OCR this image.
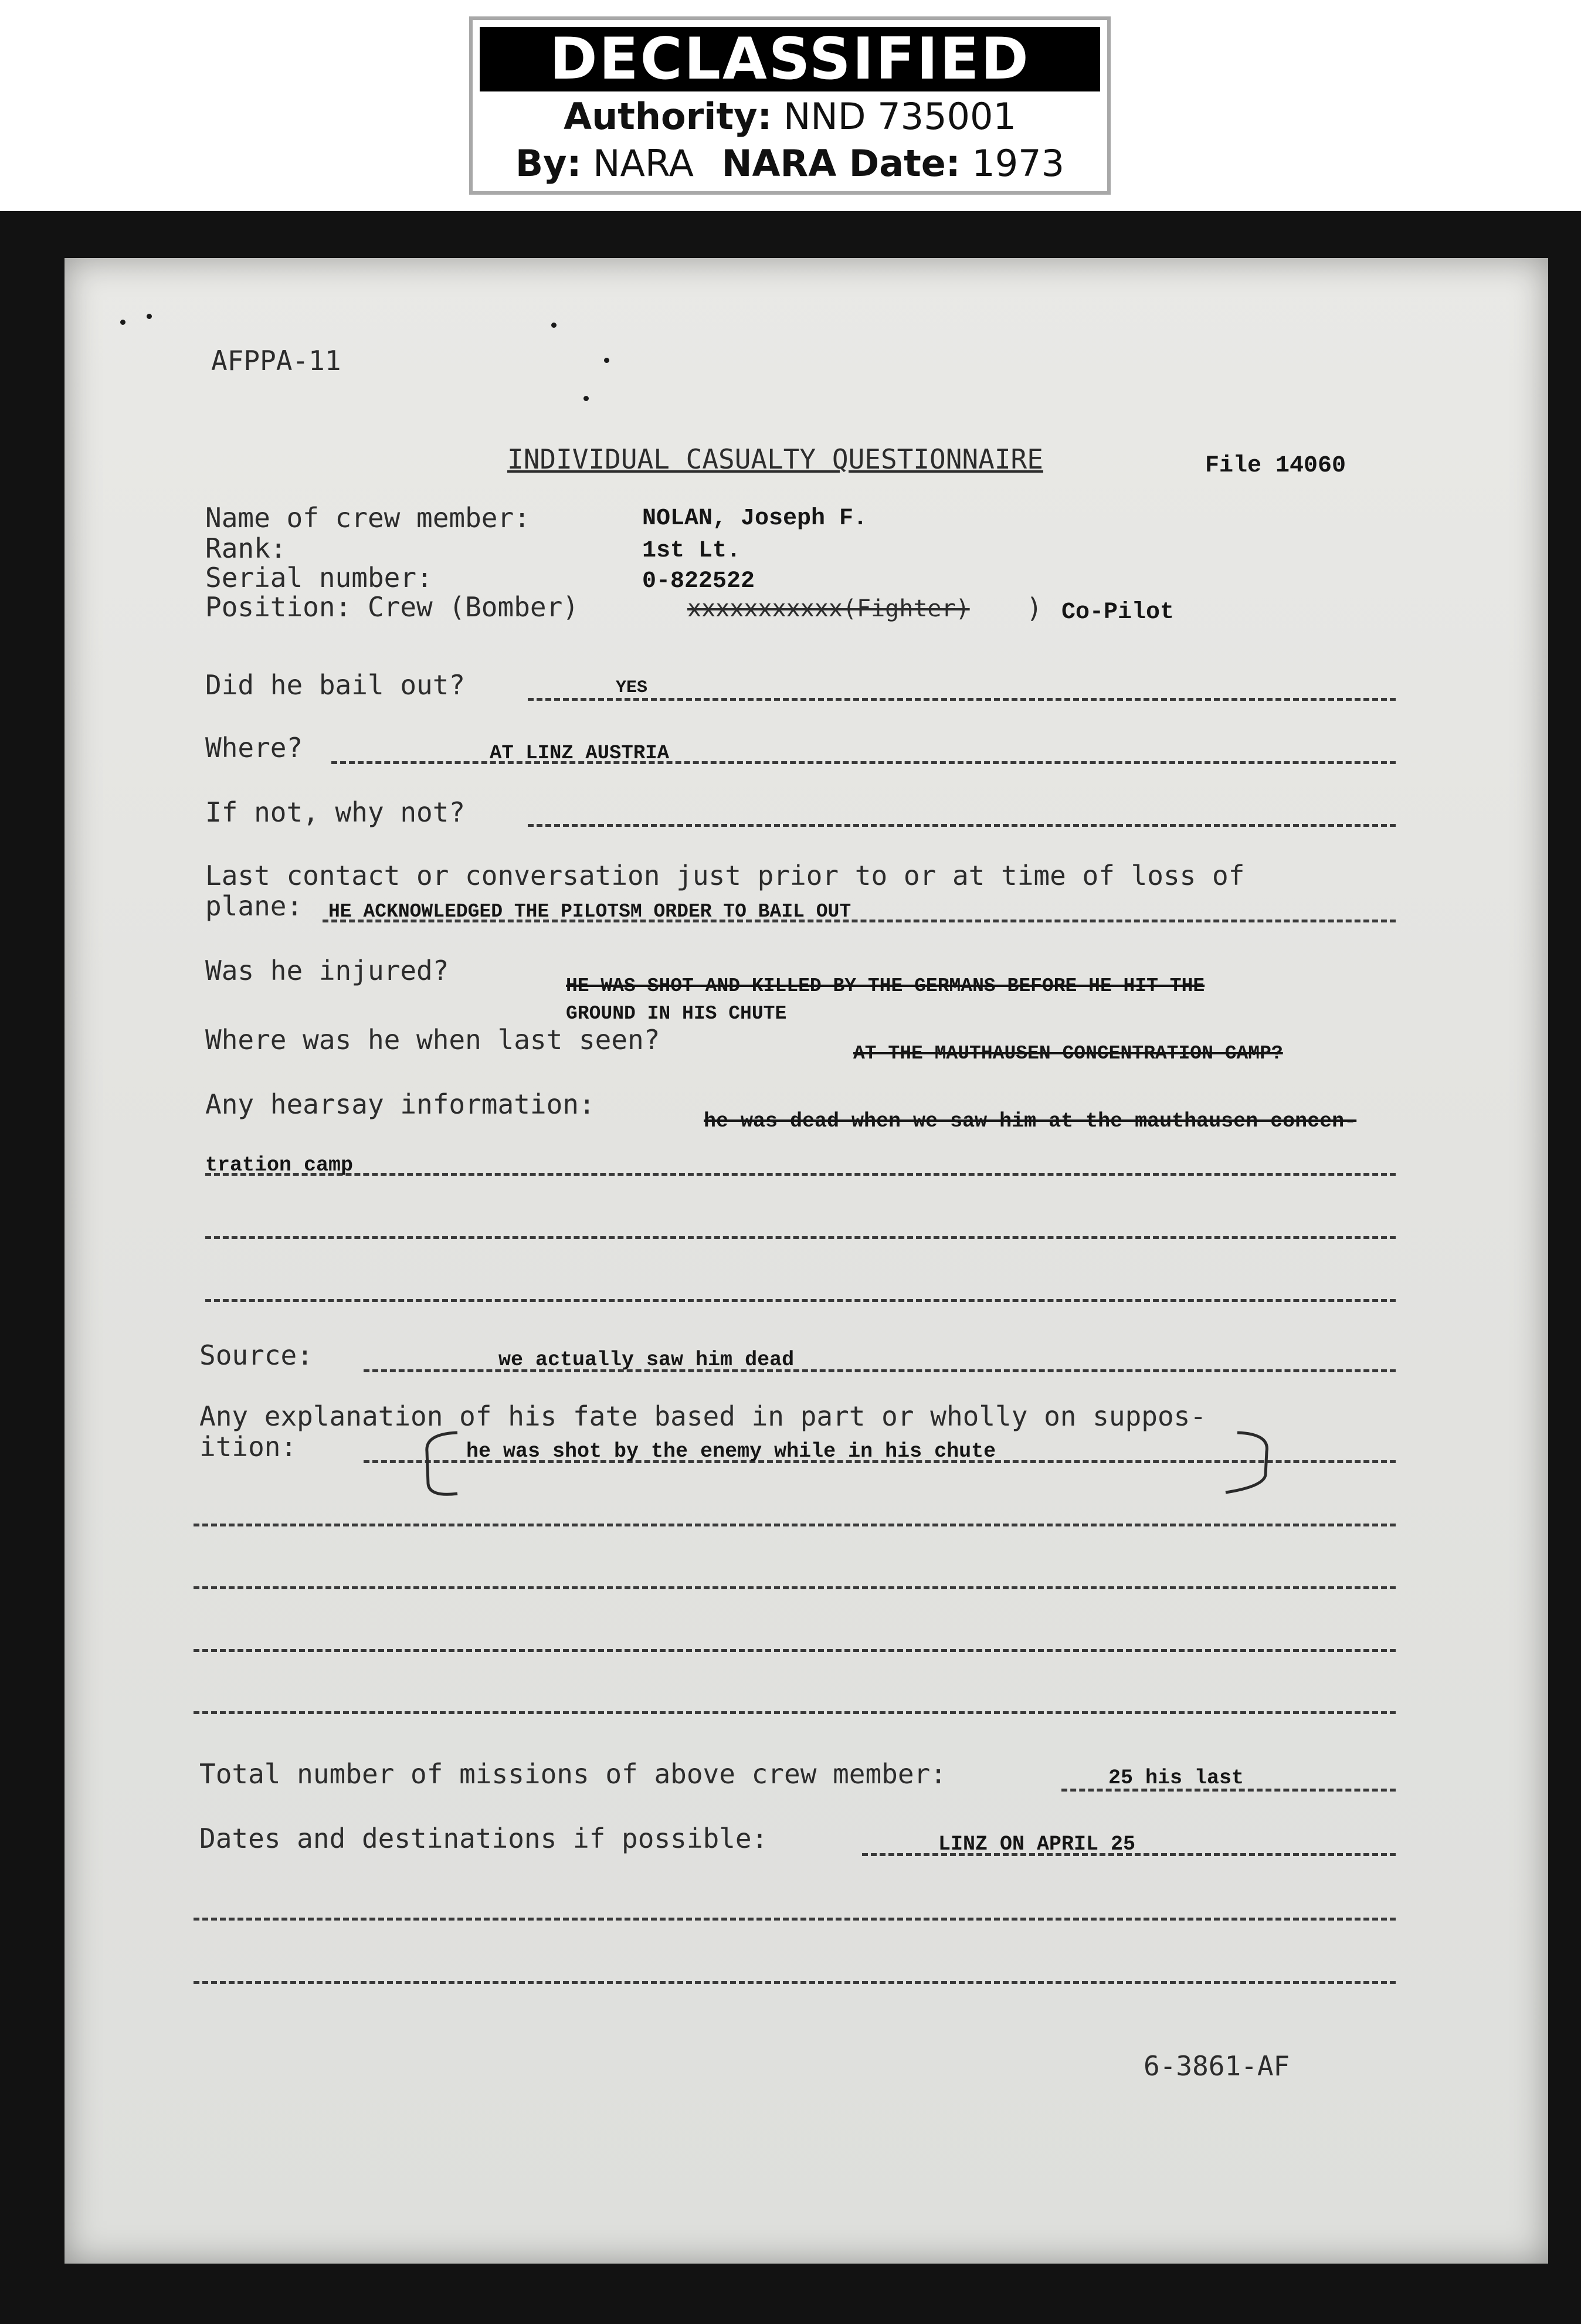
DECLASSIFIED
Authority: NND 735001
By: NARA NARA Date: 1973
AFPPA-11
INDIVIDUAL CASUALTY QUESTIONNAIRE	File 14060
Name of crew member:	NOLAN, Joseph F.
Rank:	1st Lt.
Serial number:	0-822522
Position: Crew (Bomber)	xxxxxxxxxxx(Fighter) ) Co-Pilot
Did he bail out?	YES
Where?	AT LINZ AUSTRIA
If not, why not?
Last contact or conversation just prior to or at time of loss of
plane: HE ACKNOWLEDGED THE PILOTSM ORDER TO BAIL OUT
Was he injured?	HE WAS SHOT AND KILLED BY THE GERMANS BEFORE HE HIT THE
GROUND IN HIS CHUTE
Where was he when last seen?	AT THE MAUTHAUSEN CONCENTRATION CAMP?
Any hearsay information:
he was dead when we saw him at the mauthausen concen-
tration camp
Source:	we actually saw him dead
Any explanation of his fate based in part or wholly on suppos-
ition:	he was shot by the enemy while in his chute
Total number of missions of above crew member:	25 his last
Dates and destinations if possible:	LINZ ON APRIL 25
6-3861-AF
